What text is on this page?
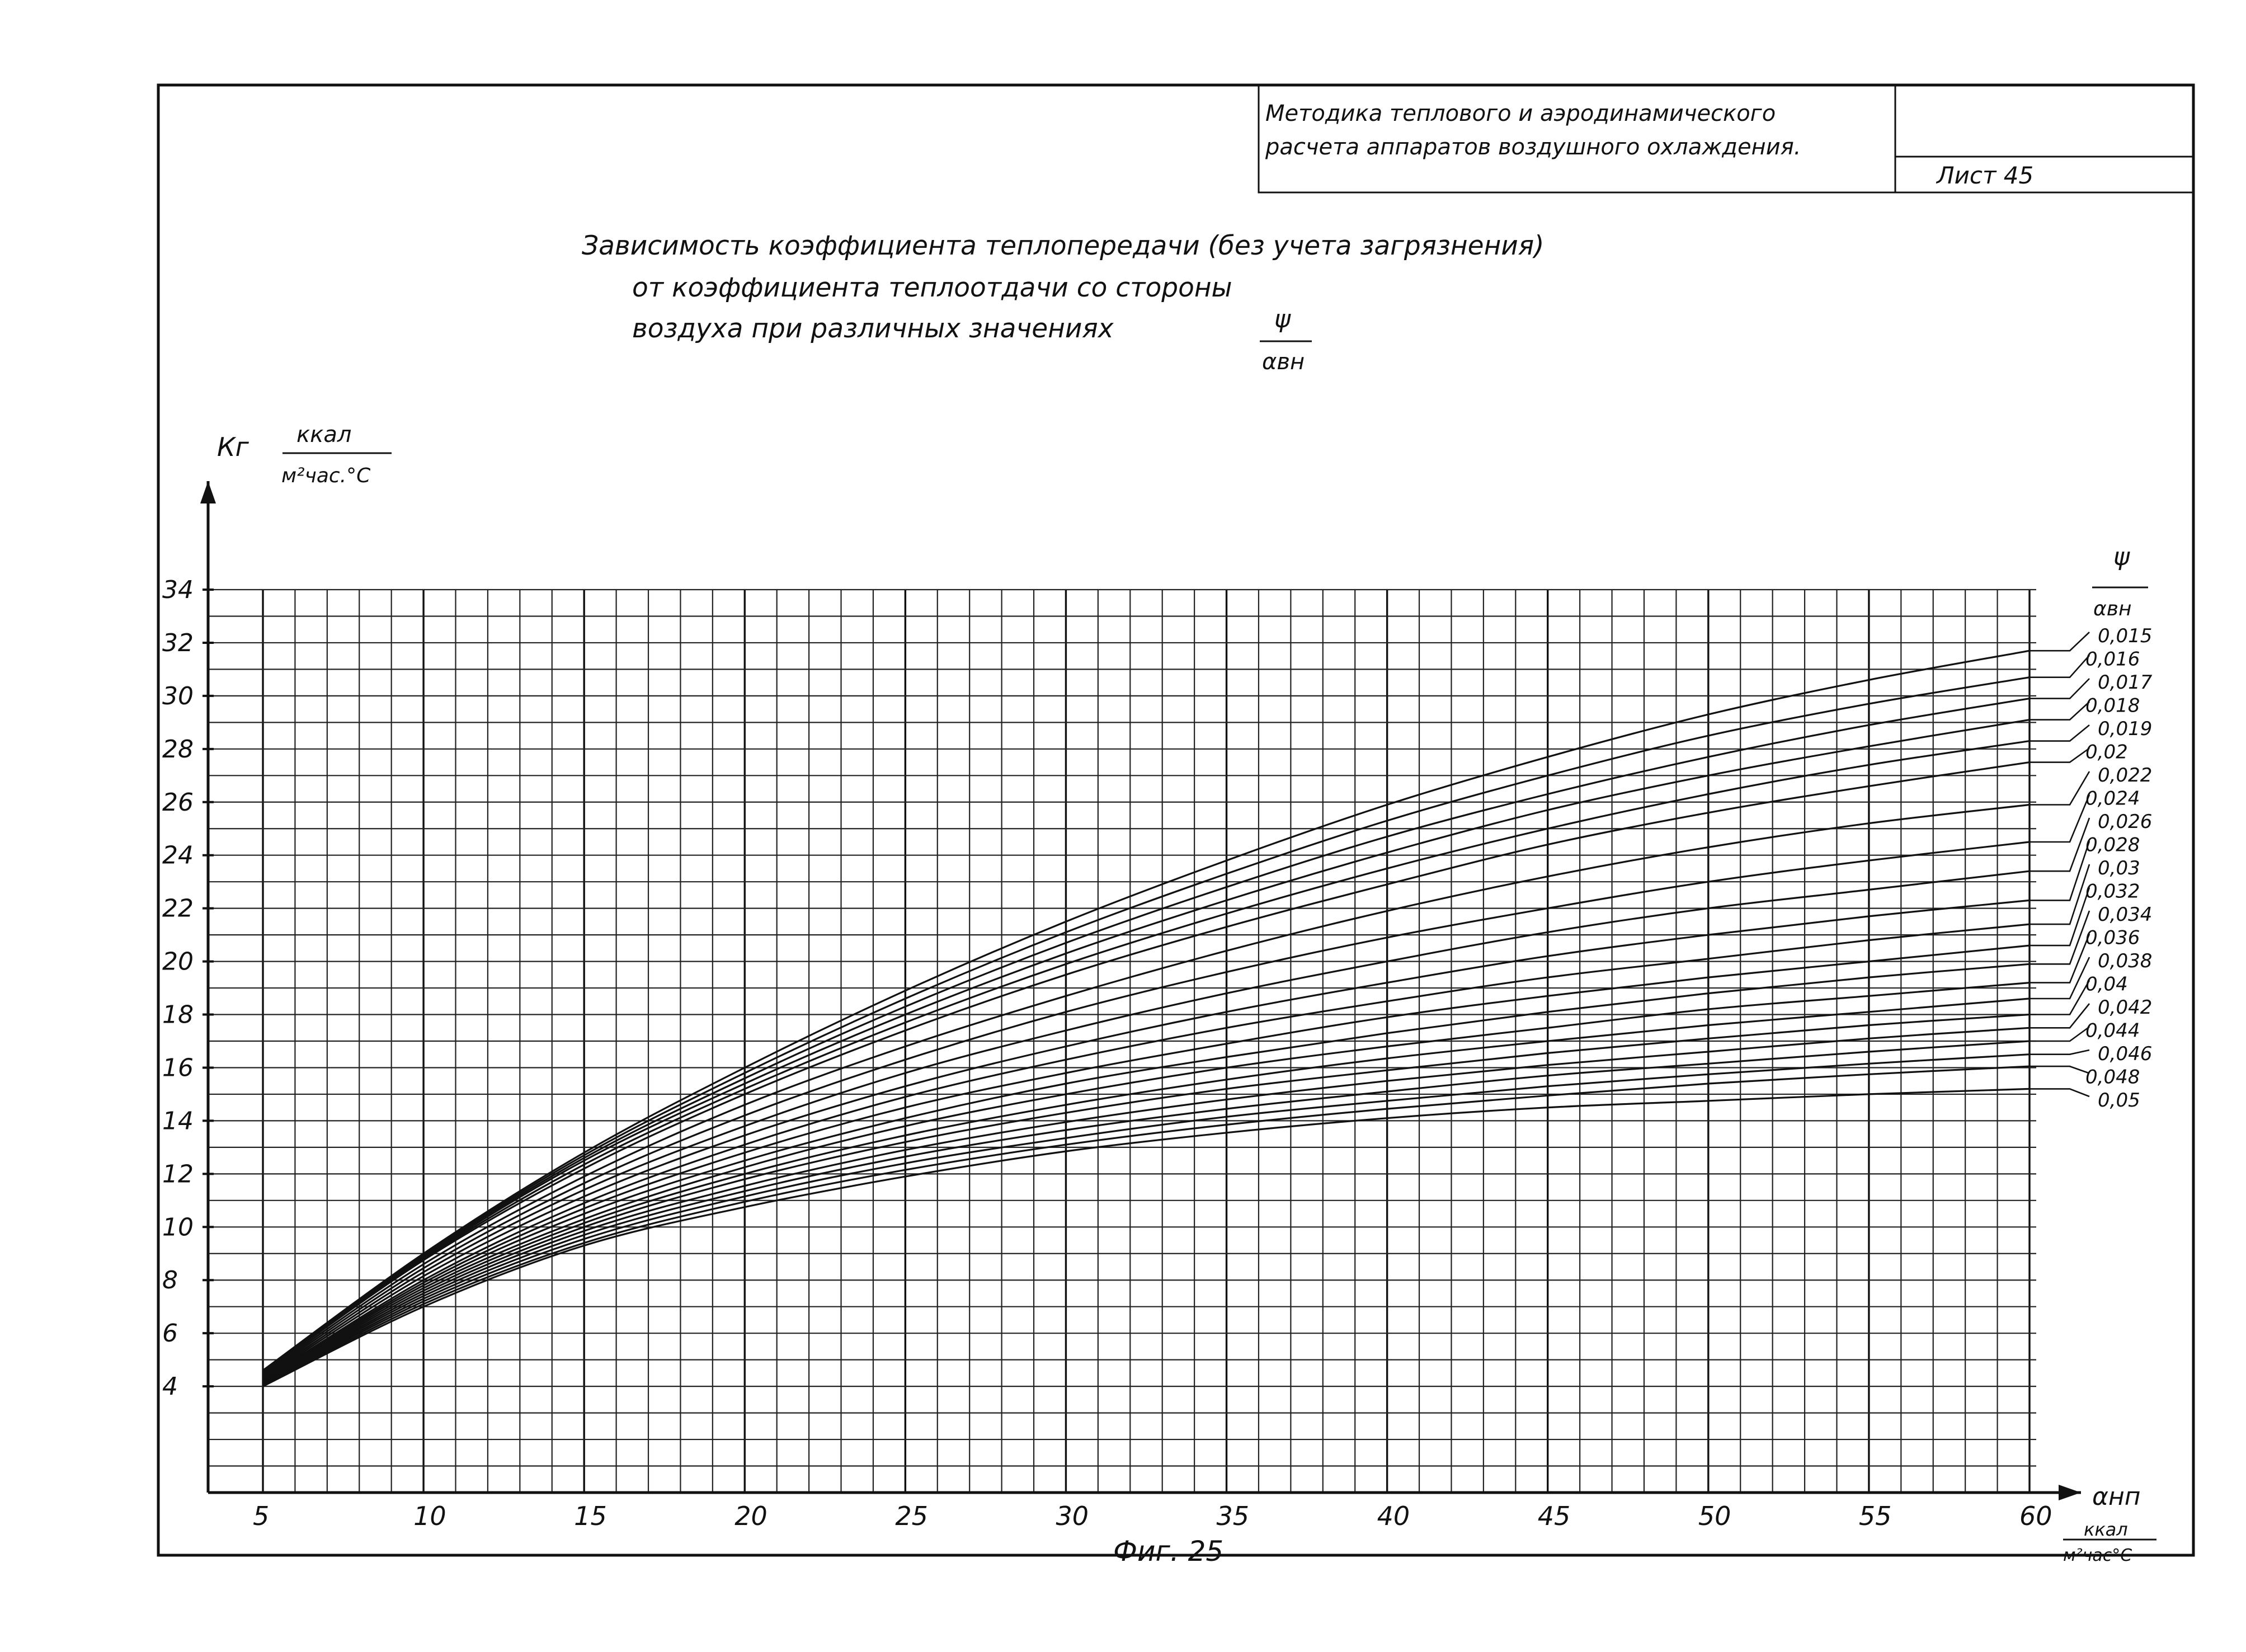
Методика теплового и аэродинамического
расчета аппаратов воздушного охлаждения.
Лист 45
Зависимость коэффициента теплопередачи (без учета загрязнения)
от коэффициента теплоотдачи со стороны
воздуха при различных значениях	ψ
αвн
Кг ккал
м²час.°С
αнп
ккал
м²час°С
ψ
αвн
5	10	15	20	25	30	35	40	45	50	55	60
4
6
8
10
12
14
16
18
20
22
24
26
28
30
32
34
0,015
0,016
0,017
0,018
0,019
0,02
0,022
0,024
0,026
0,028
0,03
0,032
0,034
0,036
0,038
0,04
0,042
0,044
0,046
0,048
0,05
Фиг. 25
